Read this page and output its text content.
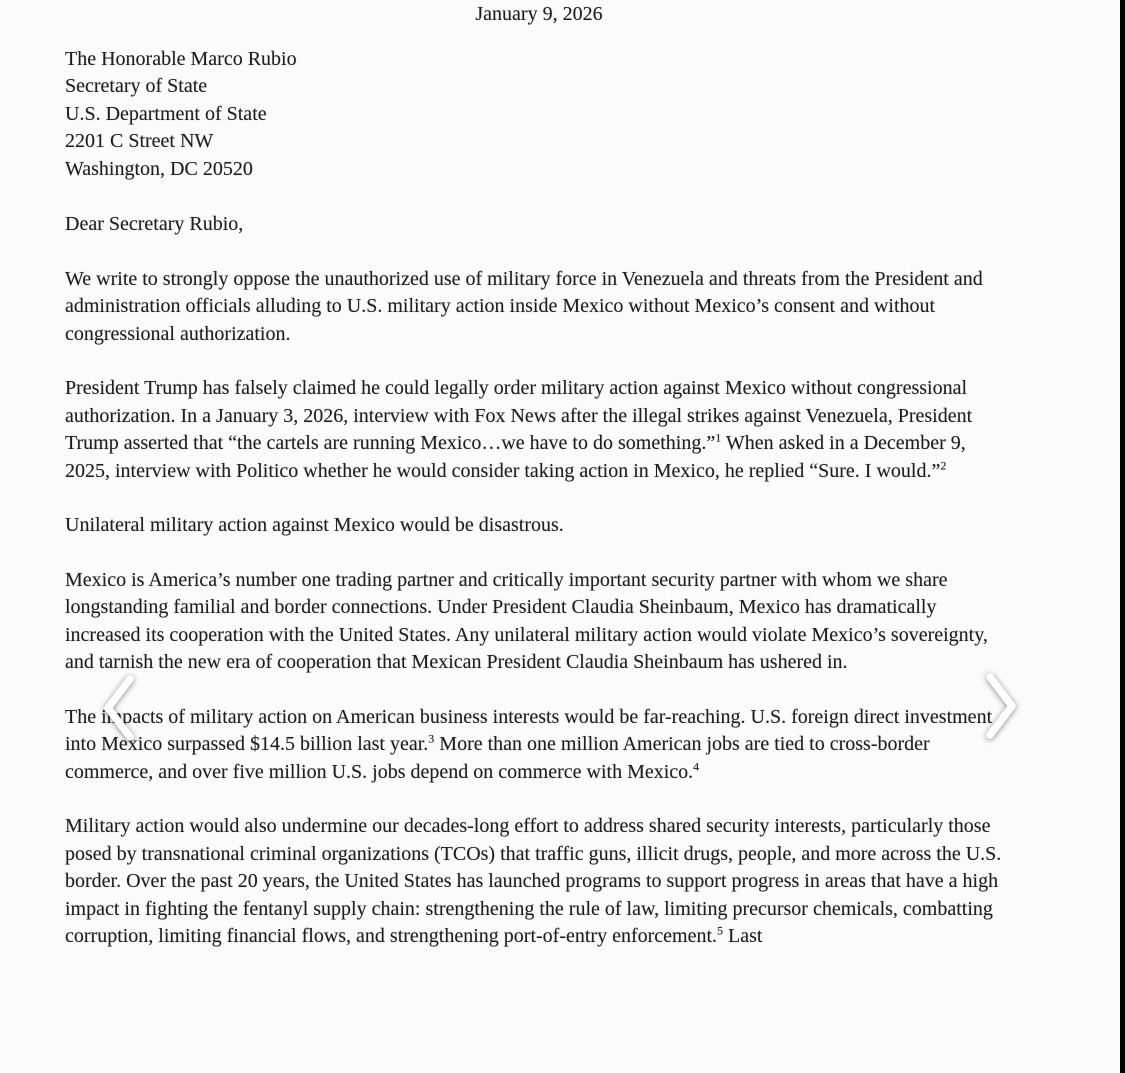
January 9, 2026

The Honorable Marco Rubio

Secretary of State

U.S. Department of State

2201 C Street NW

Washington, DC 20520

Dear Secretary Rubio,

We write to strongly oppose the unauthorized use of military force in Venezuela and threats from the President and administration officials alluding to U.S. military action inside Mexico without Mexico’s consent and without congressional authorization.

President Trump has falsely claimed he could legally order military action against Mexico without congressional authorization. In a January 3, 2026, interview with Fox News after the illegal strikes against Venezuela, President Trump asserted that “the cartels are running Mexico…we have to do something.”$^1$ When asked in a December 9, 2025, interview with Politico whether he would consider taking action in Mexico, he replied “Sure. I would.”$^2$

Unilateral military action against Mexico would be disastrous.

Mexico is America’s number one trading partner and critically important security partner with whom we share longstanding familial and border connections. Under President Claudia Sheinbaum, Mexico has dramatically increased its cooperation with the United States. Any unilateral military action would violate Mexico’s sovereignty, and tarnish the new era of cooperation that Mexican President Claudia Sheinbaum has ushered in.

The impacts of military action on American business interests would be far-reaching. U.S. foreign direct investment into Mexico surpassed $14.5 billion last year.$^3$ More than one million American jobs are tied to cross-border commerce, and over five million U.S. jobs depend on commerce with Mexico.$^4$

Military action would also undermine our decades-long effort to address shared security interests, particularly those posed by transnational criminal organizations (TCOs) that traffic guns, illicit drugs, people, and more across the U.S. border. Over the past 20 years, the United States has launched programs to support progress in areas that have a high impact in fighting the fentanyl supply chain: strengthening the rule of law, limiting precursor chemicals, combatting corruption, limiting financial flows, and strengthening port-of-entry enforcement.$^5$ Last
